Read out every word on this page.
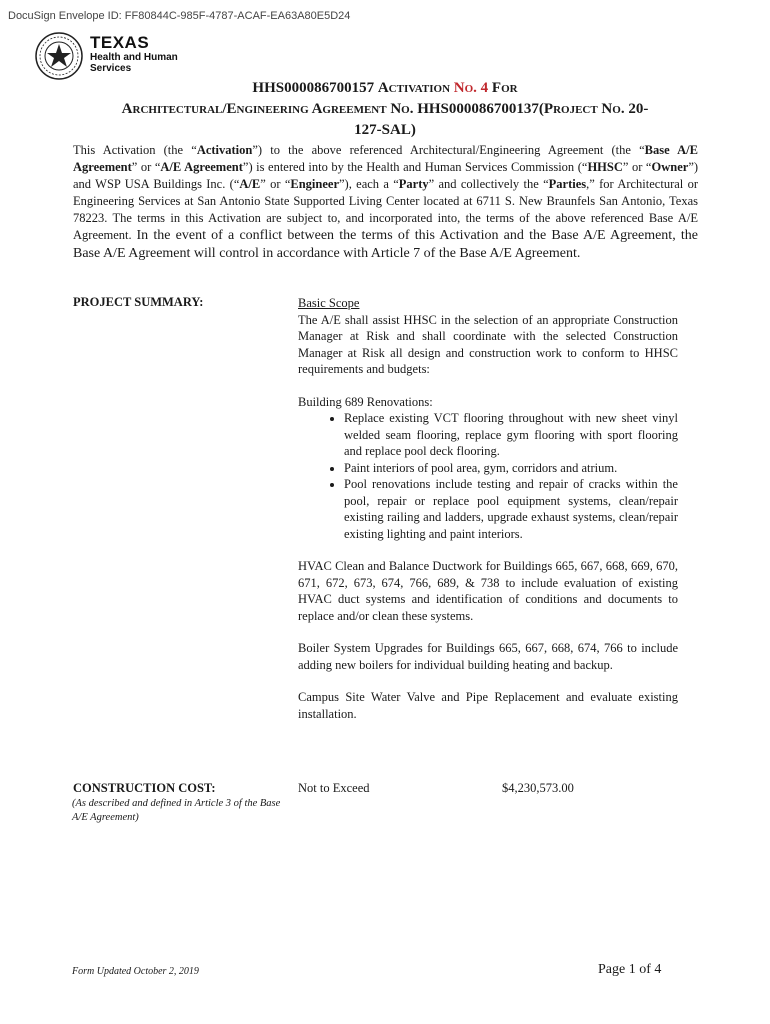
DocuSign Envelope ID: FF80844C-985F-4787-ACAF-EA63A80E5D24
TEXAS
Health and Human
Services
HHS000086700157 Activation No. 4 For
Architectural/Engineering Agreement No. HHS000086700137(Project No. 20-
127-SAL)
This Activation (the “Activation”) to the above referenced Architectural/Engineering Agreement (the “Base A/E Agreement” or “A/E Agreement”) is entered into by the Health and Human Services Commission (“HHSC” or “Owner”) and WSP USA Buildings Inc. (“A/E” or “Engineer”), each a “Party” and collectively the “Parties,” for Architectural or Engineering Services at San Antonio State Supported Living Center located at 6711 S. New Braunfels San Antonio, Texas 78223. The terms in this Activation are subject to, and incorporated into, the terms of the above referenced Base A/E Agreement. In the event of a conflict between the terms of this Activation and the Base A/E Agreement, the Base A/E Agreement will control in accordance with Article 7 of the Base A/E Agreement.
PROJECT SUMMARY:	Basic Scope
The A/E shall assist HHSC in the selection of an appropriate Construction Manager at Risk and shall coordinate with the selected Construction Manager at Risk all design and construction work to conform to HHSC requirements and budgets:
Building 689 Renovations:
• Replace existing VCT flooring throughout with new sheet vinyl welded seam flooring, replace gym flooring with sport flooring and replace pool deck flooring.
• Paint interiors of pool area, gym, corridors and atrium.
• Pool renovations include testing and repair of cracks within the pool, repair or replace pool equipment systems, clean/repair existing railing and ladders, upgrade exhaust systems, clean/repair existing lighting and paint interiors.
HVAC Clean and Balance Ductwork for Buildings 665, 667, 668, 669, 670, 671, 672, 673, 674, 766, 689, & 738 to include evaluation of existing HVAC duct systems and identification of conditions and documents to replace and/or clean these systems.
Boiler System Upgrades for Buildings 665, 667, 668, 674, 766 to include adding new boilers for individual building heating and backup.
Campus Site Water Valve and Pipe Replacement and evaluate existing installation.
CONSTRUCTION COST:
(As described and defined in Article 3 of the Base A/E Agreement)
Not to Exceed	$4,230,573.00
Form Updated October 2, 2019	Page 1 of 4
